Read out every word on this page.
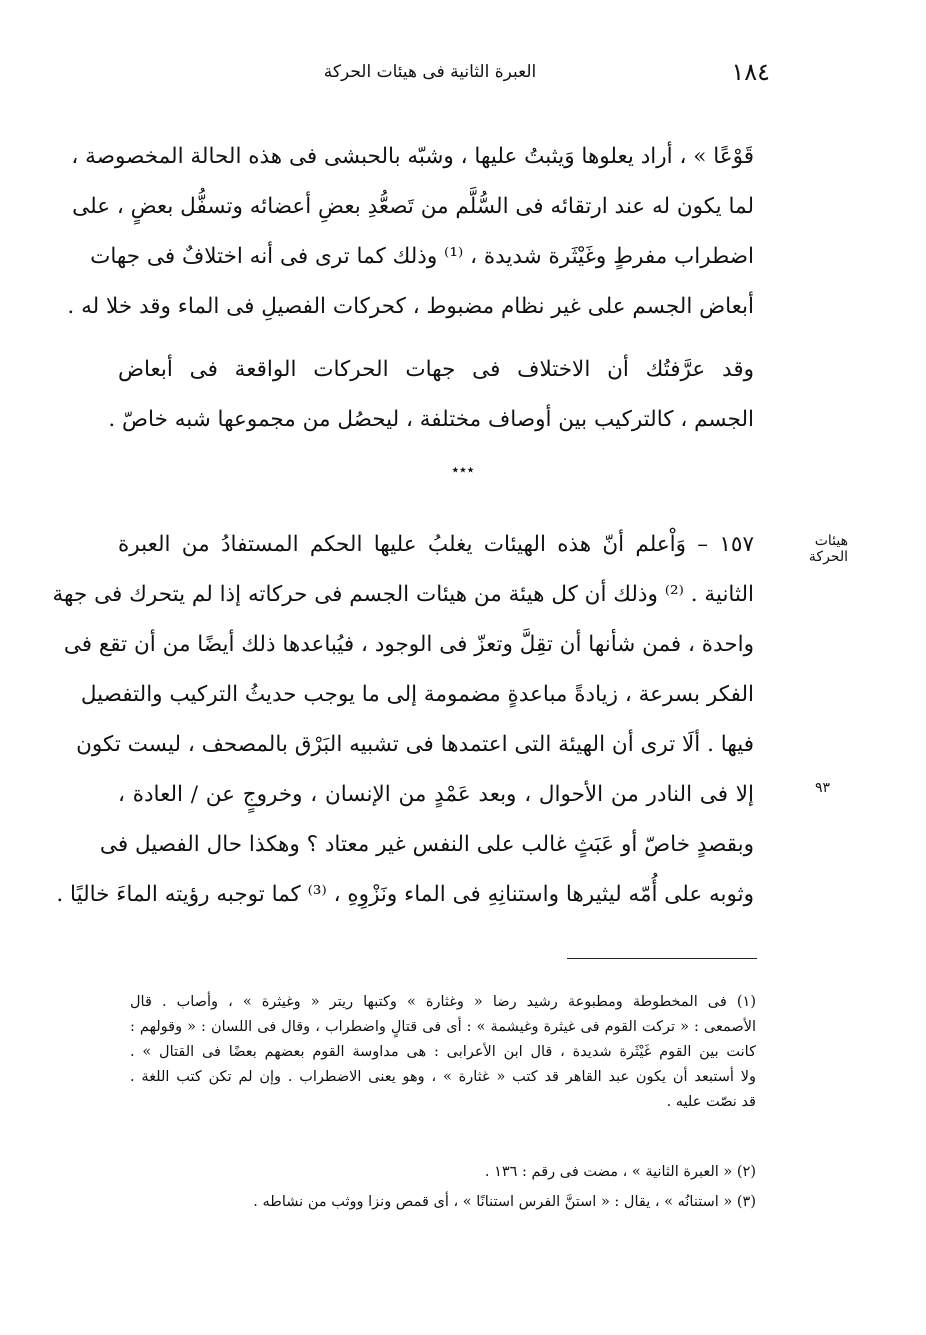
العبرة الثانية فى هيئات الحركة	١٨٤
قَوْعًا » ، أراد يعلوها وَيثبتُ عليها ، وشبّه بالحبشى فى هذه الحالة المخصوصة ،
لما يكون له عند ارتقائه فى السُّلَّم من تَصعُّدِ بعضِ أعضائه وتسفُّل بعضٍ ، على
اضطراب مفرطٍ وغَيْثَرة شديدة ، ⁽¹⁾ وذلك كما ترى فى أنه اختلافٌ فى جهات
أبعاض الجسم على غير نظام مضبوط ، كحركات الفصيلِ فى الماء وقد خلا له .
وقد عرَّفتُك أن الاختلاف فى جهات الحركات الواقعة فى أبعاض
الجسم ، كالتركيب بين أوصاف مختلفة ، ليحصُل من مجموعها شبه خاصّ .
٭٭٭
هيئات الحركة
١٥٧ – وَاْعلم أنّ هذه الهيئات يغلبُ عليها الحكم المستفادُ من العبرة
الثانية . ⁽²⁾ وذلك أن كل هيئة من هيئات الجسم فى حركاته إذا لم يتحرك فى جهة
واحدة ، فمن شأنها أن تقِلَّ وتعزّ فى الوجود ، فيُباعدها ذلك أيضًا من أن تقع فى
الفكر بسرعة ، زيادةً مباعدةٍ مضمومة إلى ما يوجب حديثُ التركيب والتفصيل
فيها . ألَا ترى أن الهيئة التى اعتمدها فى تشبيه البَرْق بالمصحف ، ليست تكون
إلا فى النادر من الأحوال ، وبعد عَمْدٍ من الإنسان ، وخروجٍ عن / العادة ،
وبقصدٍ خاصّ أو عَبَثٍ غالب على النفس غير معتاد ؟ وهكذا حال الفصيل فى
وثوبه على أُمّه ليثيرها واستنانِهِ فى الماء ونَزْوِهِ ، ⁽³⁾ كما توجبه رؤيته الماءَ خاليًا .
٩٣
(١) فى المخطوطة ومطبوعة رشيد رضا « وغثارة » وكتبها ريتر « وغيثرة » ، وأصاب . قال
الأصمعى : « تركت القوم فى غيثرة وغيشمة » : أى فى قتالٍ واضطراب ، وقال فى اللسان : « وقولهم :
كانت بين القوم غَيْثَرة شديدة ، قال ابن الأعرابى : هى مداوسة القوم بعضهم بعضًا فى القتال » .
ولا أستبعد أن يكون عبد القاهر قد كتب « غثارة » ، وهو يعنى الاضطراب . وإن لم تكن كتب اللغة .
قد نصّت عليه .
(٢) « العبرة الثانية » ، مضت فى رقم : ١٣٦ .
(٣) « استنانُه » ، يقال : « استنَّ الفرس استنانًا » ، أى قمص ونزا ووثب من نشاطه .
